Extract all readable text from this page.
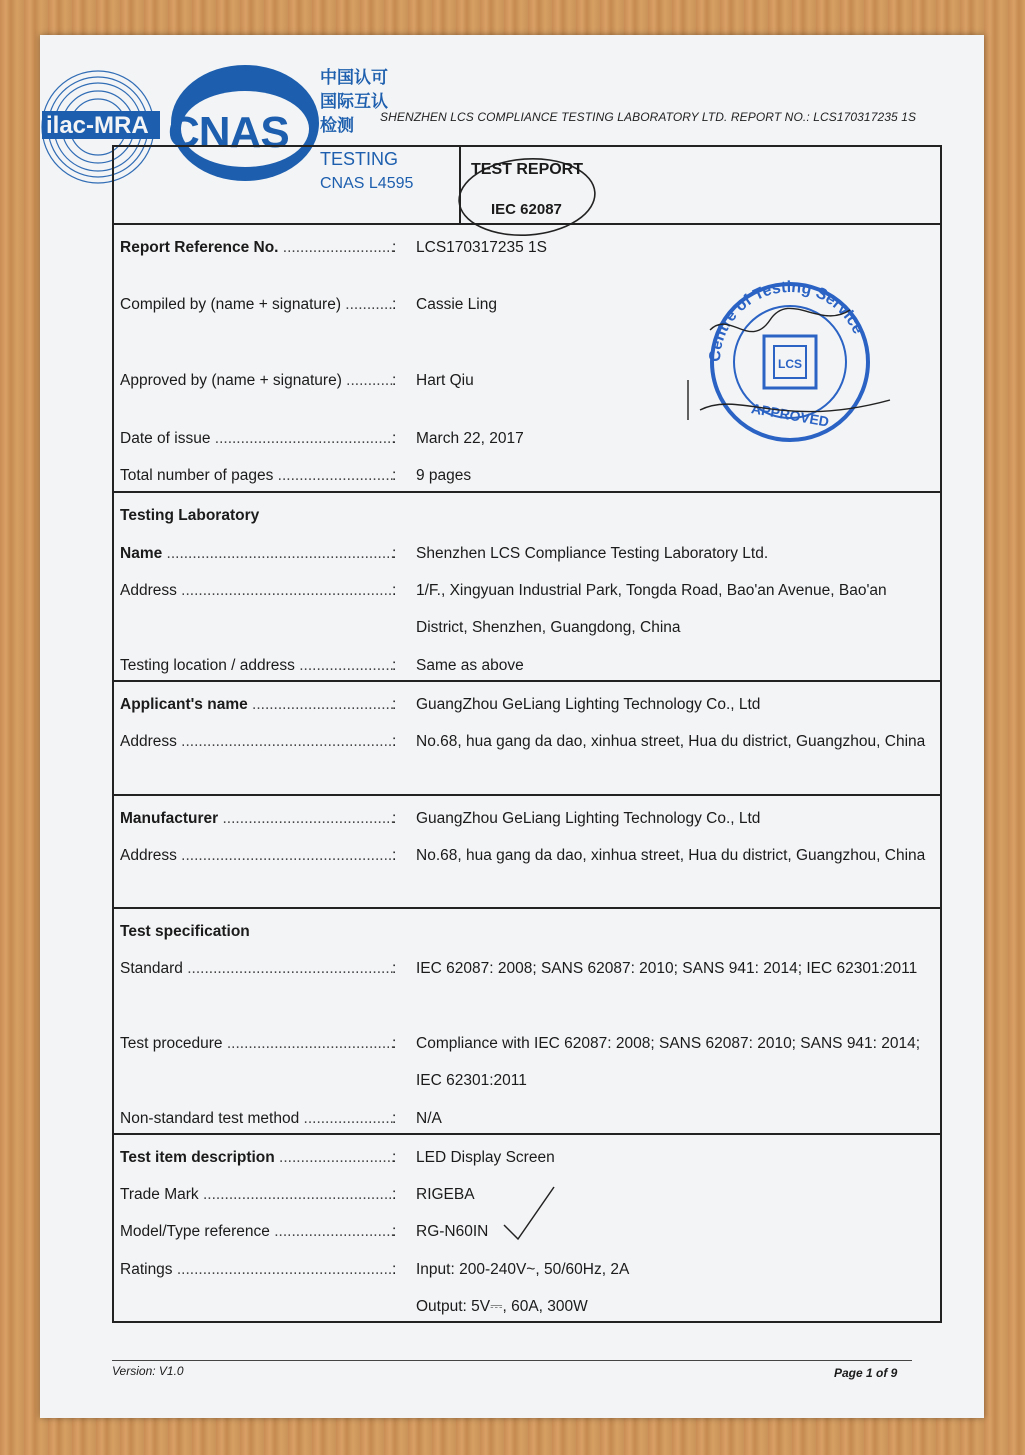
ilac-MRA CNAS
中国认可
国际互认
检测
TESTING
CNAS L4595
SHENZHEN LCS COMPLIANCE TESTING LABORATORY LTD. REPORT NO.: LCS170317235 1S
TEST REPORT
IEC 62087
Report Reference No. .....	: LCS170317235 1S
Compiled by (name + signature) .....	: Cassie Ling
Approved by (name + signature) .....	: Hart Qiu
Date of issue .....	: March 22, 2017
Total number of pages .....	: 9 pages
Testing Laboratory
Name .....	: Shenzhen LCS Compliance Testing Laboratory Ltd.
Address .....	: 1/F., Xingyuan Industrial Park, Tongda Road, Bao'an Avenue, Bao'an District, Shenzhen, Guangdong, China
Testing location / address .....	: Same as above
Applicant's name .....	: GuangZhou GeLiang Lighting Technology Co., Ltd
Address .....	: No.68, hua gang da dao, xinhua street, Hua du district, Guangzhou, China
Manufacturer .....	: GuangZhou GeLiang Lighting Technology Co., Ltd
Address .....	: No.68, hua gang da dao, xinhua street, Hua du district, Guangzhou, China
Test specification
Standard .....	: IEC 62087: 2008; SANS 62087: 2010; SANS 941: 2014; IEC 62301:2011
Test procedure .....	: Compliance with IEC 62087: 2008; SANS 62087: 2010; SANS 941: 2014; IEC 62301:2011
Non-standard test method .....	: N/A
Test item description .....	: LED Display Screen
Trade Mark .....	: RIGEBA
Model/Type reference .....	: RG-N60IN
Ratings .....	: Input: 200-240V~, 50/60Hz, 2A
Output: 5V⎓, 60A, 300W
Centre of Testing Service
LCS
APPROVED
Version: V1.0	Page 1 of 9
